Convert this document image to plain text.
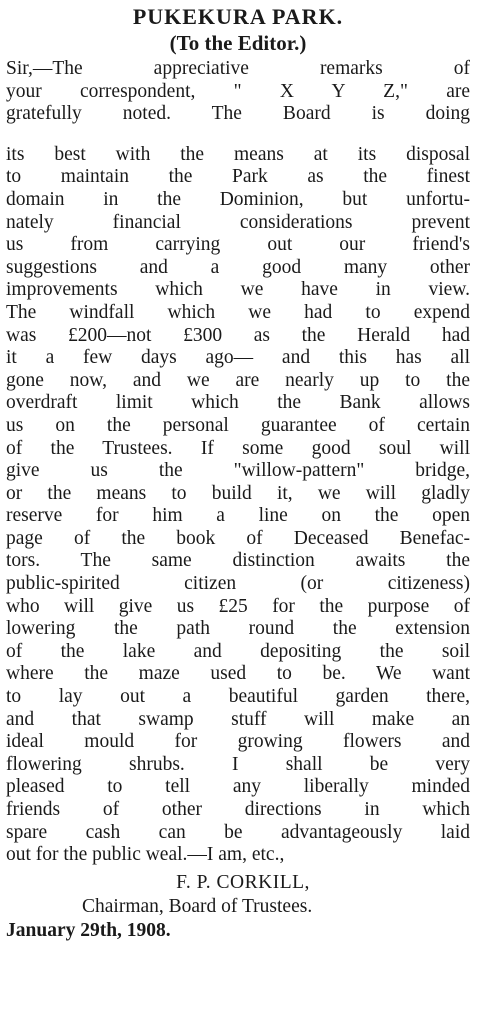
PUKEKURA PARK.
(To the Editor.)
Sir,—The appreciative remarks of
your correspondent, " X Y Z," are
gratefully noted. The Board is doing
its best with the means at its disposal
to maintain the Park as the finest
domain in the Dominion, but unfortu-
nately financial considerations prevent
us from carrying out our friend's
suggestions and a good many other
improvements which we have in view.
The windfall which we had to expend
was £200—not £300 as the Herald had
it a few days ago— and this has all
gone now, and we are nearly up to the
overdraft limit which the Bank allows
us on the personal guarantee of certain
of the Trustees. If some good soul will
give us the "willow-pattern" bridge,
or the means to build it, we will gladly
reserve for him a line on the open
page of the book of Deceased Benefac-
tors. The same distinction awaits the
public-spirited citizen (or citizeness)
who will give us £25 for the purpose of
lowering the path round the extension
of the lake and depositing the soil
where the maze used to be. We want
to lay out a beautiful garden there,
and that swamp stuff will make an
ideal mould for growing flowers and
flowering shrubs. I shall be very
pleased to tell any liberally minded
friends of other directions in which
spare cash can be advantageously laid
out for the public weal.—I am, etc.,

F. P. CORKILL,

Chairman, Board of Trustees.

January 29th, 1908.
